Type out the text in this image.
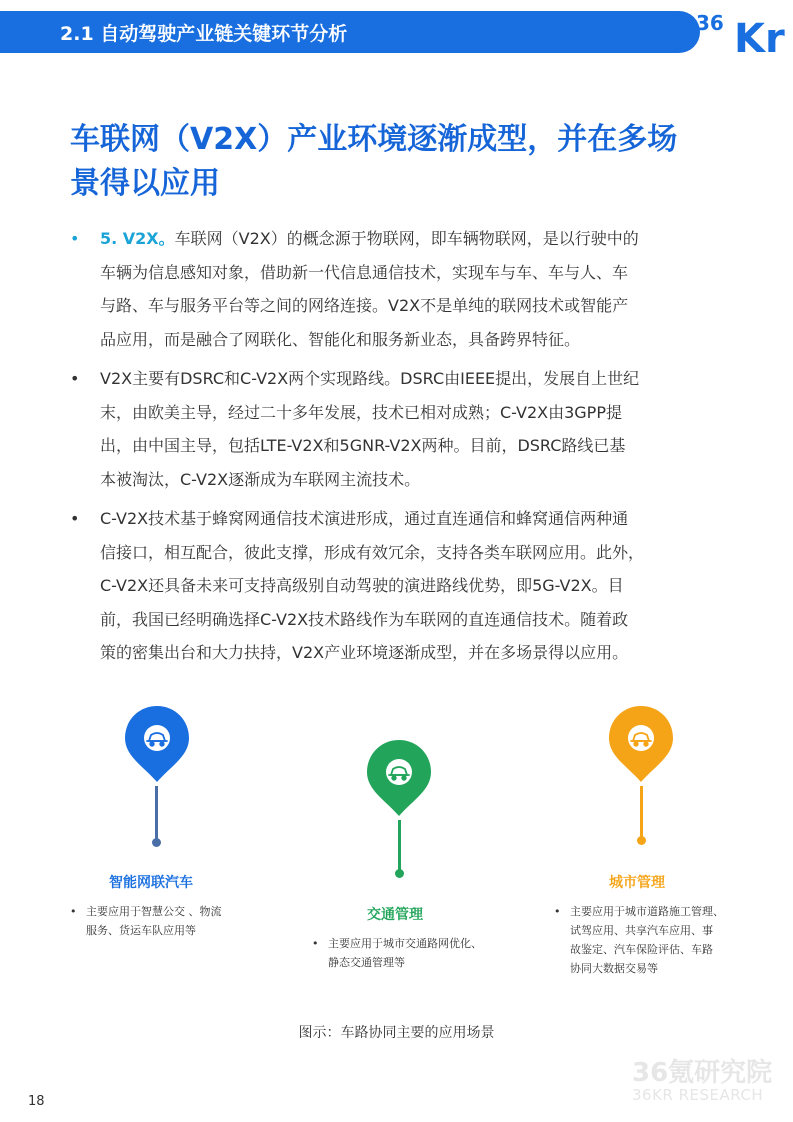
2.1 自动驾驶产业链关键环节分析	36 Kr
车联网（V2X）产业环境逐渐成型，并在多场
景得以应用
• 5. V2X。车联网（V2X）的概念源于物联网，即车辆物联网，是以行驶中的
车辆为信息感知对象，借助新一代信息通信技术，实现车与车、车与人、车
与路、车与服务平台等之间的网络连接。V2X不是单纯的联网技术或智能产
品应用，而是融合了网联化、智能化和服务新业态，具备跨界特征。
• V2X主要有DSRC和C-V2X两个实现路线。DSRC由IEEE提出，发展自上世纪
末，由欧美主导，经过二十多年发展，技术已相对成熟；C-V2X由3GPP提
出，由中国主导，包括LTE-V2X和5GNR-V2X两种。目前，DSRC路线已基
本被淘汰，C-V2X逐渐成为车联网主流技术。
• C-V2X技术基于蜂窝网通信技术演进形成，通过直连通信和蜂窝通信两种通
信接口，相互配合，彼此支撑，形成有效冗余，支持各类车联网应用。此外，
C-V2X还具备未来可支持高级别自动驾驶的演进路线优势，即5G-V2X。目
前，我国已经明确选择C-V2X技术路线作为车联网的直连通信技术。随着政
策的密集出台和大力扶持，V2X产业环境逐渐成型，并在多场景得以应用。
智能网联汽车
• 主要应用于智慧公交 、物流
服务、货运车队应用等
交通管理
• 主要应用于城市交通路网优化、
静态交通管理等
城市管理
• 主要应用于城市道路施工管理、
试驾应用、共享汽车应用、事
故鉴定、汽车保险评估、车路
协同大数据交易等
图示：车路协同主要的应用场景
18
36氪研究院
36KR RESEARCH
